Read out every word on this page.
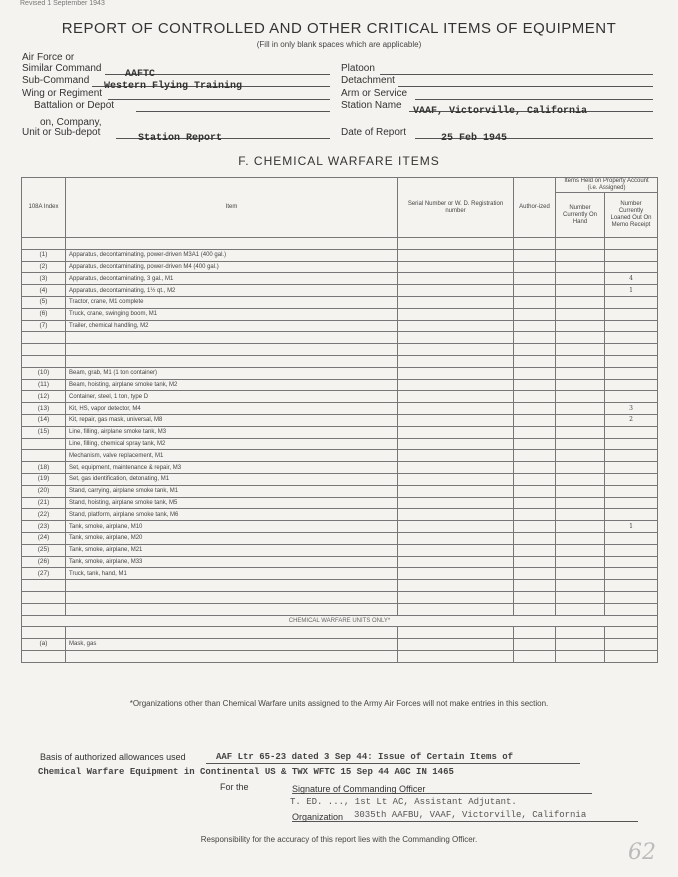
Revised 1 September 1943
REPORT OF CONTROLLED AND OTHER CRITICAL ITEMS OF EQUIPMENT
(Fill in only blank spaces which are applicable)
Air Force or
Similar Command
AAFTC
Sub-Command
Western Flying Training
Wing or Regiment
Battalion or Depot
on, Company,
Unit or Sub-depot
Station Report
Platoon
Detachment
Arm or Service
Station Name
VAAF, Victorville, California
Date of Report
25 Feb 1945
F. CHEMICAL WARFARE ITEMS
108A Index	Item	Serial Number or W. D. Registration number	Author-ized	Items Held on Property Account (i.e. Assigned)	
				Number Currently On Hand	Number Currently Loaned Out On Memo Receipt

(1)	Apparatus, decontaminating, power-driven M3A1 (400 gal.)				
(2)	Apparatus, decontaminating, power-driven M4 (400 gal.)				
(3)	Apparatus, decontaminating, 3 gal., M1				4
(4)	Apparatus, decontaminating, 1½ qt., M2				1
(5)	Tractor, crane, M1 complete				
(6)	Truck, crane, swinging boom, M1				
(7)	Trailer, chemical handling, M2				

(10)	Beam, grab, M1 (1 ton container)				
(11)	Beam, hoisting, airplane smoke tank, M2				
(12)	Container, steel, 1 ton, type D				
(13)	Kit, HS, vapor detector, M4				3
(14)	Kit, repair, gas mask, universal, M8				2
(15)	Line, filling, airplane smoke tank, M3				
	Line, filling, chemical spray tank, M2				
	Mechanism, valve replacement, M1				
(18)	Set, equipment, maintenance & repair, M3				
(19)	Set, gas identification, detonating, M1				
(20)	Stand, carrying, airplane smoke tank, M1				
(21)	Stand, hoisting, airplane smoke tank, M5				
(22)	Stand, platform, airplane smoke tank, M6				
(23)	Tank, smoke, airplane, M10				1
(24)	Tank, smoke, airplane, M20				
(25)	Tank, smoke, airplane, M21				
(26)	Tank, smoke, airplane, M33				
(27)	Truck, tank, hand, M1				

CHEMICAL WARFARE UNITS ONLY*					

(a)	Mask, gas				

*Organizations other than Chemical Warfare units assigned to the Army Air Forces will not make entries in this section.
Basis of authorized allowances used	AAF Ltr 65-23 dated 3 Sep 44: Issue of Certain Items of
Chemical Warfare Equipment in Continental US & TWX WFTC 15 Sep 44 AGC IN 1465
For the	Signature of Commanding Officer
T. ED. ..., 1st Lt AC, Assistant Adjutant.
Organization 3035th AAFBU, VAAF, Victorville, California
Responsibility for the accuracy of this report lies with the Commanding Officer.
62
